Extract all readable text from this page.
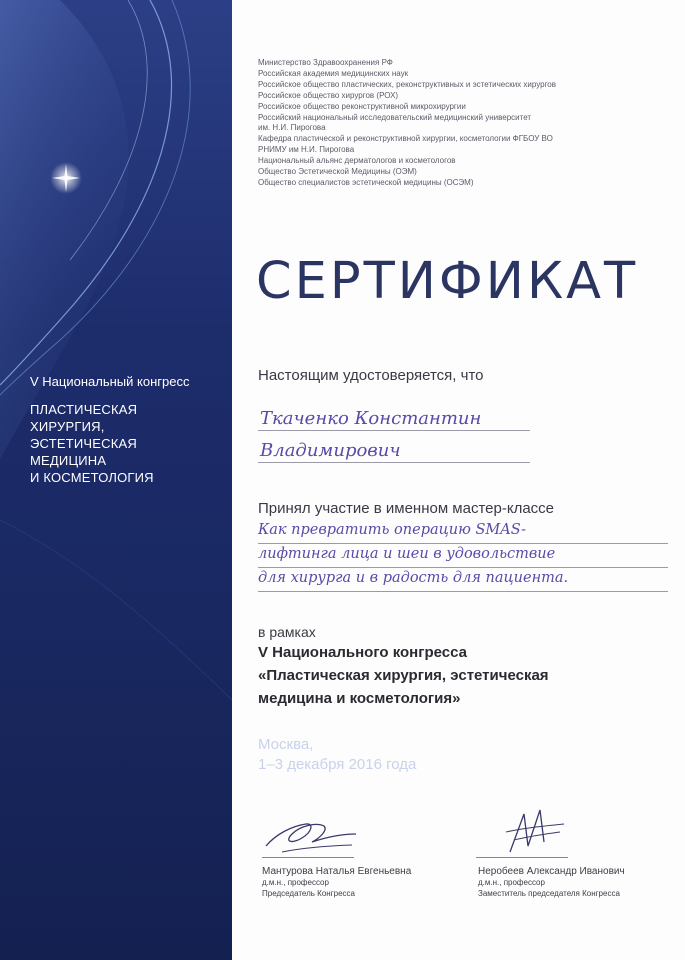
V Национальный конгресс
ПЛАСТИЧЕСКАЯ
ХИРУРГИЯ,
ЭСТЕТИЧЕСКАЯ
МЕДИЦИНА
И КОСМЕТОЛОГИЯ
Министерство Здравоохранения РФ
Российская академия медицинских наук
Российское общество пластических, реконструктивных и эстетических хирургов
Российское общество хирургов (РОХ)
Российское общество реконструктивной микрохирургии
Российский национальный исследовательский медицинский университет
им. Н.И. Пирогова
Кафедра пластической и реконструктивной хирургии, косметологии ФГБОУ ВО
РНИМУ им Н.И. Пирогова
Национальный альянс дерматологов и косметологов
Общество Эстетической Медицины (ОЭМ)
Общество специалистов эстетической медицины (ОСЭМ)
СЕРТИФИКАТ
Настоящим удостоверяется, что
Ткаченко Константин
Владимирович
Принял участие в именном мастер-классе
Как превратить операцию SMAS-
лифтинга лица и шеи в удовольствие
для хирурга и в радость для пациента.
в рамках
V Национального конгресса
«Пластическая хирургия, эстетическая
медицина и косметология»
Москва,
1–3 декабря 2016 года
Мантурова Наталья Евгеньевна
д.м.н., профессор
Председатель Конгресса
Неробеев Александр Иванович
д.м.н., профессор
Заместитель председателя Конгресса
